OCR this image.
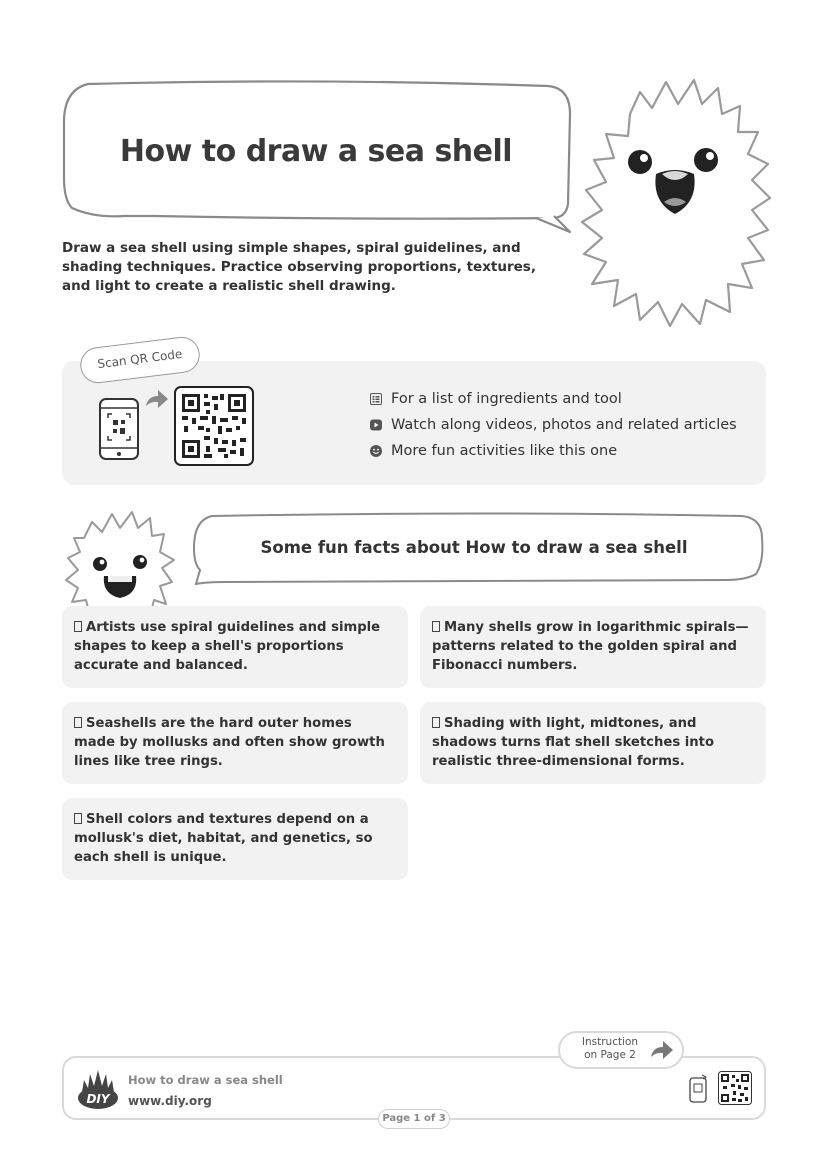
How to draw a sea shell
Draw a sea shell using simple shapes, spiral guidelines, and shading techniques. Practice observing proportions, textures, and light to create a realistic shell drawing.
Scan QR Code
For a list of ingredients and tool
Watch along videos, photos and related articles
More fun activities like this one
Some fun facts about How to draw a sea shell
Artists use spiral guidelines and simple shapes to keep a shell's proportions accurate and balanced.
Many shells grow in logarithmic spirals—patterns related to the golden spiral and Fibonacci numbers.
Seashells are the hard outer homes made by mollusks and often show growth lines like tree rings.
Shading with light, midtones, and shadows turns flat shell sketches into realistic three-dimensional forms.
Shell colors and textures depend on a mollusk's diet, habitat, and genetics, so each shell is unique.
Instruction
on Page 2
DIY
How to draw a sea shell
www.diy.org
Page 1 of 3
